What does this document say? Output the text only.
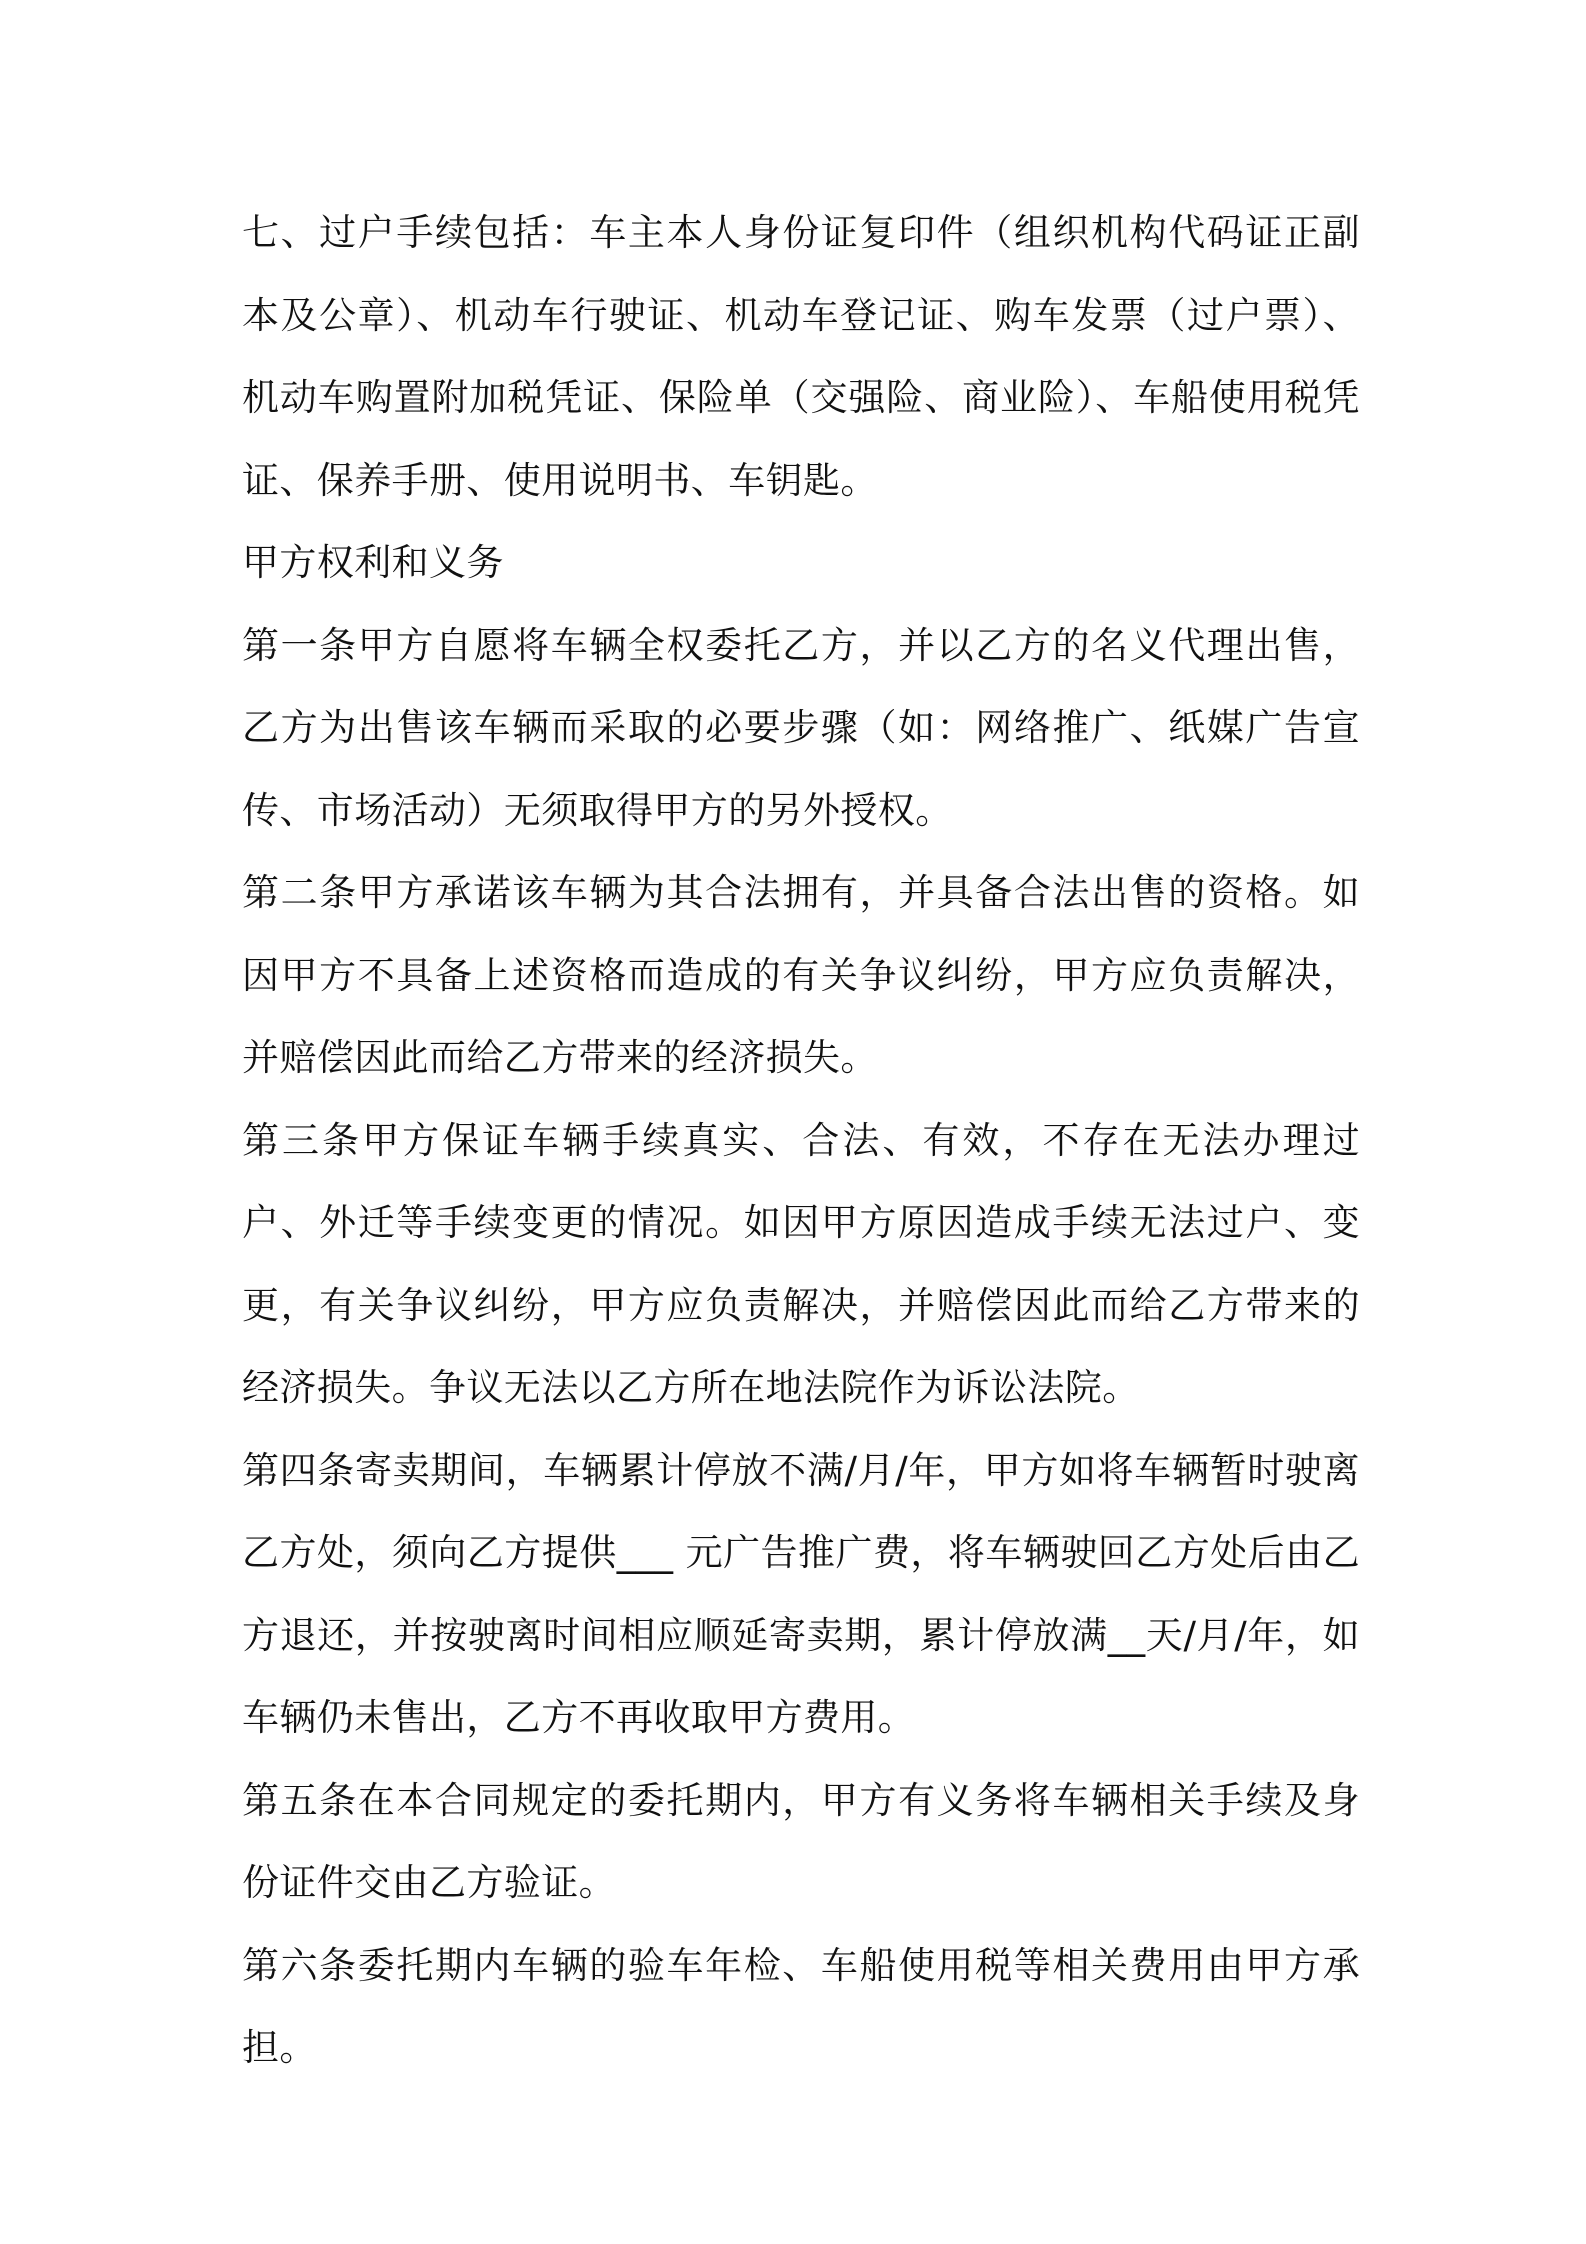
七、过户手续包括：车主本人身份证复印件（组织机构代码证正副本及公章）、机动车行驶证、机动车登记证、购车发票（过户票）、机动车购置附加税凭证、保险单（交强险、商业险）、车船使用税凭证、保养手册、使用说明书、车钥匙。

甲方权利和义务

第一条甲方自愿将车辆全权委托乙方，并以乙方的名义代理出售，乙方为出售该车辆而采取的必要步骤（如：网络推广、纸媒广告宣传、市场活动）无须取得甲方的另外授权。

第二条甲方承诺该车辆为其合法拥有，并具备合法出售的资格。如因甲方不具备上述资格而造成的有关争议纠纷，甲方应负责解决，并赔偿因此而给乙方带来的经济损失。

第三条甲方保证车辆手续真实、合法、有效，不存在无法办理过户、外迁等手续变更的情况。如因甲方原因造成手续无法过户、变更，有关争议纠纷，甲方应负责解决，并赔偿因此而给乙方带来的经济损失。争议无法以乙方所在地法院作为诉讼法院。

第四条寄卖期间，车辆累计停放不满/月/年，甲方如将车辆暂时驶离乙方处，须向乙方提供___ 元广告推广费，将车辆驶回乙方处后由乙方退还，并按驶离时间相应顺延寄卖期，累计停放满__天/月/年，如车辆仍未售出，乙方不再收取甲方费用。

第五条在本合同规定的委托期内，甲方有义务将车辆相关手续及身份证件交由乙方验证。

第六条委托期内车辆的验车年检、车船使用税等相关费用由甲方承担。
